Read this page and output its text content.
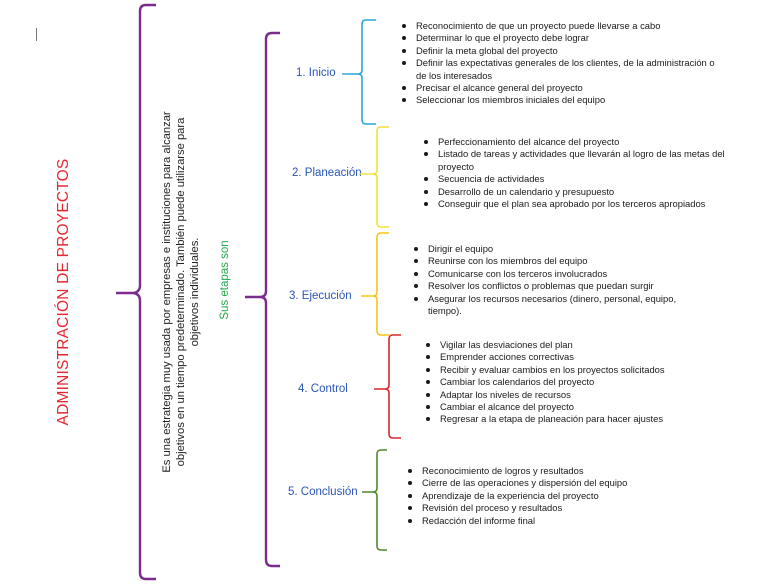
ADMINISTRACIÓN DE PROYECTOS	Es una estrategia muy usada por empresas e instituciones para alcanzar objetivos en un tiempo predeterminado. También puede utilizarse para objetivos individuales. Sus etapas son
1. Inicio
2. Planeación
3. Ejecución
4. Control
5. Conclusión
Reconocimiento de que un proyecto puede llevarse a cabo
Determinar lo que el proyecto debe lograr
Definir la meta global del proyecto
Definir las expectativas generales de los clientes, de la administración o de los interesados
Precisar el alcance general del proyecto
Seleccionar los miembros iniciales del equipo
Perfeccionamiento del alcance del proyecto
Listado de tareas y actividades que llevarán al logro de las metas del proyecto
Secuencia de actividades
Desarrollo de un calendario y presupuesto
Conseguir que el plan sea aprobado por los terceros apropiados
Dirigir el equipo
Reunirse con los miembros del equipo
Comunicarse con los terceros involucrados
Resolver los conflictos o problemas que puedan surgir
Asegurar los recursos necesarios (dinero, personal, equipo, tiempo).
Vigilar las desviaciones del plan
Emprender acciones correctivas
Recibir y evaluar cambios en los proyectos solicitados
Cambiar los calendarios del proyecto
Adaptar los niveles de recursos
Cambiar el alcance del proyecto
Regresar a la etapa de planeación para hacer ajustes
Reconocimiento de logros y resultados
Cierre de las operaciones y dispersión del equipo
Aprendizaje de la experiencia del proyecto
Revisión del proceso y resultados
Redacción del informe final
